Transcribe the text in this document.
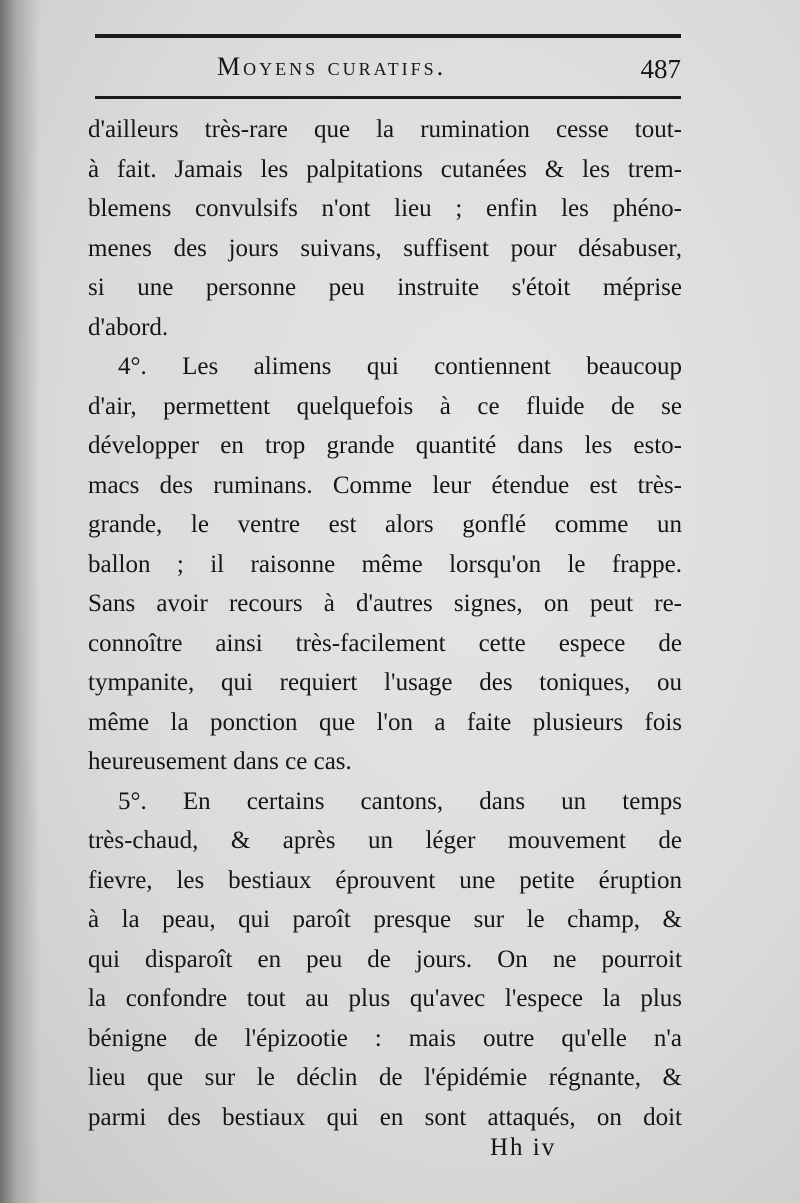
Moyens curatifs.	487
d'ailleurs très-rare que la rumination cesse tout-
à fait. Jamais les palpitations cutanées & les trem-
blemens convulsifs n'ont lieu ; enfin les phéno-
menes des jours suivans, suffisent pour désabuser,
si une personne peu instruite s'étoit méprise
d'abord.
4°. Les alimens qui contiennent beaucoup
d'air, permettent quelquefois à ce fluide de se
développer en trop grande quantité dans les esto-
macs des ruminans. Comme leur étendue est très-
grande, le ventre est alors gonflé comme un
ballon ; il raisonne même lorsqu'on le frappe.
Sans avoir recours à d'autres signes, on peut re-
connoître ainsi très-facilement cette espece de
tympanite, qui requiert l'usage des toniques, ou
même la ponction que l'on a faite plusieurs fois
heureusement dans ce cas.
5°. En certains cantons, dans un temps
très-chaud, & après un léger mouvement de
fievre, les bestiaux éprouvent une petite éruption
à la peau, qui paroît presque sur le champ, &
qui disparoît en peu de jours. On ne pourroit
la confondre tout au plus qu'avec l'espece la plus
bénigne de l'épizootie : mais outre qu'elle n'a
lieu que sur le déclin de l'épidémie régnante, &
parmi des bestiaux qui en sont attaqués, on doit
Hh iv
